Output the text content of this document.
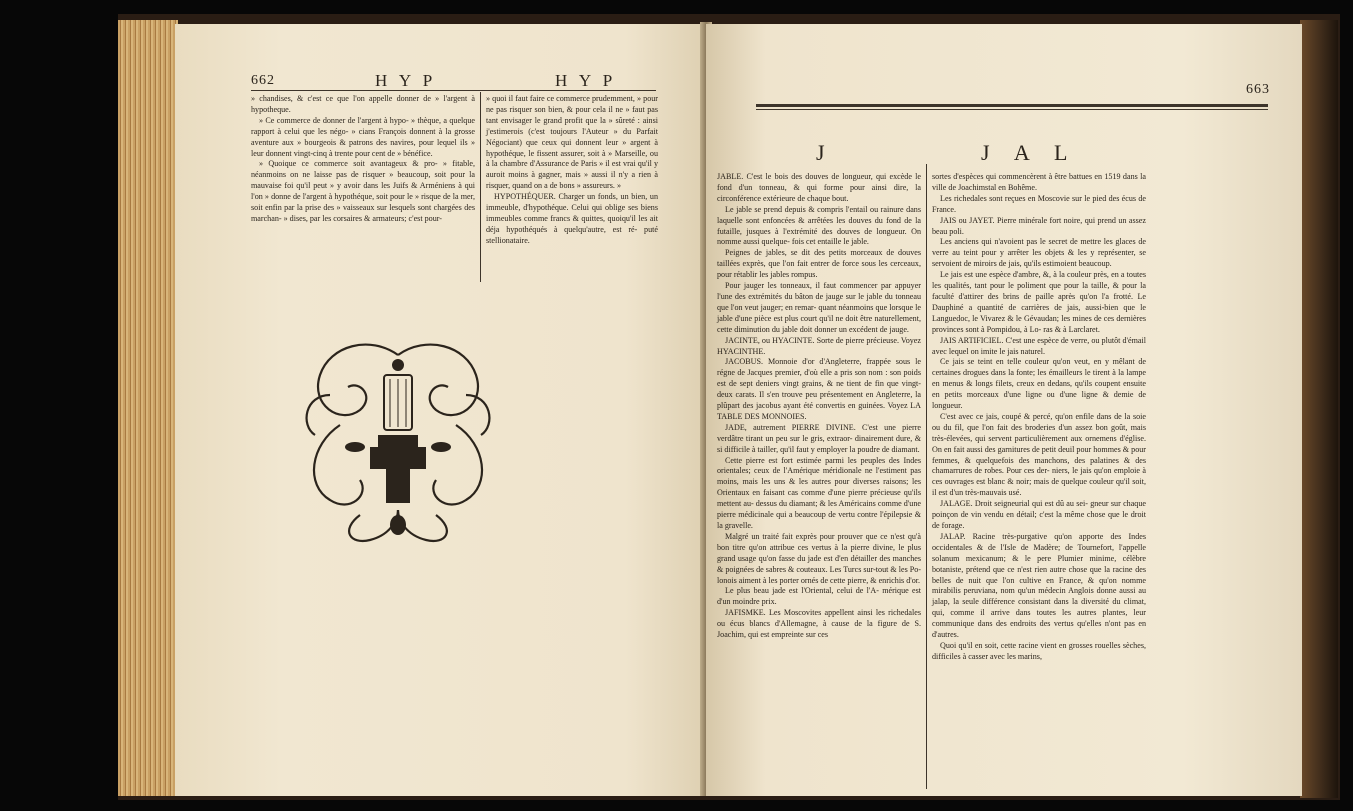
662	H Y P	H Y P

» chandises, & c'est ce que l'on appelle donner de » l'argent à hypotheque.

» Ce commerce de donner de l'argent à hypo- » thèque, a quelque rapport à celui que les négo- » cians François donnent à la grosse aventure aux » bourgeois & patrons des navires, pour lequel ils » leur donnent vingt-cinq à trente pour cent de » bénéfice.

» Quoique ce commerce soit avantageux & pro- » fitable, néanmoins on ne laisse pas de risquer » beaucoup, soit pour la mauvaise foi qu'il peut » y avoir dans les Juifs & Arméniens à qui l'on » donne de l'argent à hypothéque, soit pour le » risque de la mer, soit enfin par la prise des » vaisseaux sur lesquels sont chargées des marchan- » dises, par les corsaires & armateurs; c'est pour-

» quoi il faut faire ce commerce prudemment, » pour ne pas risquer son bien, & pour cela il ne » faut pas tant envisager le grand profit que la » sûreté : ainsi j'estimerois (c'est toujours l'Auteur » du Parfait Négociant) que ceux qui donnent leur » argent à hypothéque, le fissent assurer, soit à » Marseille, ou à la chambre d'Assurance de Paris » il est vrai qu'il y auroit moins à gagner, mais » aussi il n'y a rien à risquer, quand on a de bons » assureurs. »

HYPOTHÉQUER. Charger un fonds, un bien, un immeuble, d'hypothéque. Celui qui oblige ses biens immeubles comme francs & quittes, quoiqu'il les ait déja hypothéqués à quelqu'autre, est ré- puté stellionataire.

663
J	J A L

JABLE. C'est le bois des douves de longueur, qui excède le fond d'un tonneau, & qui forme pour ainsi dire, la circonférence extérieure de chaque bout.

Le jable se prend depuis & compris l'entail ou rainure dans laquelle sont enfoncées & arrêtées les douves du fond de la futaille, jusques à l'extrémité des douves de longueur. On nomme aussi quelque- fois cet entaille le jable.

Peignes de jables, se dit des petits morceaux de douves taillées exprès, que l'on fait entrer de force sous les cerceaux, pour rétablir les jables rompus.

Pour jauger les tonneaux, il faut commencer par appuyer l'une des extrémités du bâton de jauge sur le jable du tonneau que l'on veut jauger; en remar- quant néanmoins que lorsque le jable d'une pièce est plus court qu'il ne doit être naturellement, cette diminution du jable doit donner un excédent de jauge.

JACINTE, ou HYACINTE. Sorte de pierre précieuse. Voyez HYACINTHE.

JACOBUS. Monnoie d'or d'Angleterre, frappée sous le régne de Jacques premier, d'où elle a pris son nom : son poids est de sept deniers vingt grains, & ne tient de fin que vingt-deux carats. Il s'en trouve peu présentement en Angleterre, la plûpart des jacobus ayant été convertis en guinées. Voyez LA TABLE DES MONNOIES.

JADE, autrement PIERRE DIVINE. C'est une pierre verdâtre tirant un peu sur le gris, extraor- dinairement dure, & si difficile à tailler, qu'il faut y employer la poudre de diamant.

Cette pierre est fort estimée parmi les peuples des Indes orientales; ceux de l'Amérique méridionale ne l'estiment pas moins, mais les uns & les autres pour diverses raisons; les Orientaux en faisant cas comme d'une pierre précieuse qu'ils mettent au- dessus du diamant; & les Américains comme d'une pierre médicinale qui a beaucoup de vertu contre l'épilepsie & la gravelle.

Malgré un traité fait exprès pour prouver que ce n'est qu'à bon titre qu'on attribue ces vertus à la pierre divine, le plus grand usage qu'on fasse du jade est d'en détailler des manches & poignées de sabres & couteaux. Les Turcs sur-tout & les Po- lonois aiment à les porter ornés de cette pierre, & enrichis d'or.

Le plus beau jade est l'Oriental, celui de l'A- mérique est d'un moindre prix.

JAFISMKE. Les Moscovites appellent ainsi les richedales ou écus blancs d'Allemagne, à cause de la figure de S. Joachim, qui est empreinte sur ces

sortes d'espèces qui commencèrent à être battues en 1519 dans la ville de Joachimstal en Bohême.

Les richedales sont reçues en Moscovie sur le pied des écus de France.

JAIS ou JAYET. Pierre minérale fort noire, qui prend un assez beau poli.

Les anciens qui n'avoient pas le secret de mettre les glaces de verre au teint pour y arrêter les objets & les y représenter, se servoient de miroirs de jais, qu'ils estimoient beaucoup.

Le jais est une espèce d'ambre, &, à la couleur près, en a toutes les qualités, tant pour le poliment que pour la taille, & pour la faculté d'attirer des brins de paille après qu'on l'a frotté. Le Dauphiné a quantité de carrières de jais, aussi-bien que le Languedoc, le Vivarez & le Gévaudan; les mines de ces dernières provinces sont à Pompidou, à Lo- ras & à Larclaret.

JAIS ARTIFICIEL. C'est une espèce de verre, ou plutôt d'émail avec lequel on imite le jais naturel.

Ce jais se teint en telle couleur qu'on veut, en y mêlant de certaines drogues dans la fonte; les émailleurs le tirent à la lampe en menus & longs filets, creux en dedans, qu'ils coupent ensuite en petits morceaux d'une ligne ou d'une ligne & demie de longueur.

C'est avec ce jais, coupé & percé, qu'on enfile dans de la soie ou du fil, que l'on fait des broderies d'un assez bon goût, mais très-élevées, qui servent particulièrement aux ornemens d'église. On en fait aussi des garnitures de petit deuil pour hommes & pour femmes, & quelquefois des manchons, des palatines & des chamarrures de robes. Pour ces der- niers, le jais qu'on emploie à ces ouvrages est blanc & noir; mais de quelque couleur qu'il soit, il est d'un très-mauvais usé.

JALAGE. Droit seigneurial qui est dû au sei- gneur sur chaque poinçon de vin vendu en détail; c'est la même chose que le droit de forage.

JALAP. Racine très-purgative qu'on apporte des Indes occidentales & de l'Isle de Madère; de Tournefort, l'appelle solanum mexicanum; & le pere Plumier minime, célèbre botaniste, prétend que ce n'est rien autre chose que la racine des belles de nuit que l'on cultive en France, & qu'on nomme mirabilis peruviana, nom qu'un médecin Anglois donne aussi au jalap, la seule différence consistant dans la diversité du climat, qui, comme il arrive dans toutes les autres plantes, leur communique dans des endroits des vertus qu'elles n'ont pas en d'autres.

Quoi qu'il en soit, cette racine vient en grosses rouelles sèches, difficiles à casser avec les marins,
